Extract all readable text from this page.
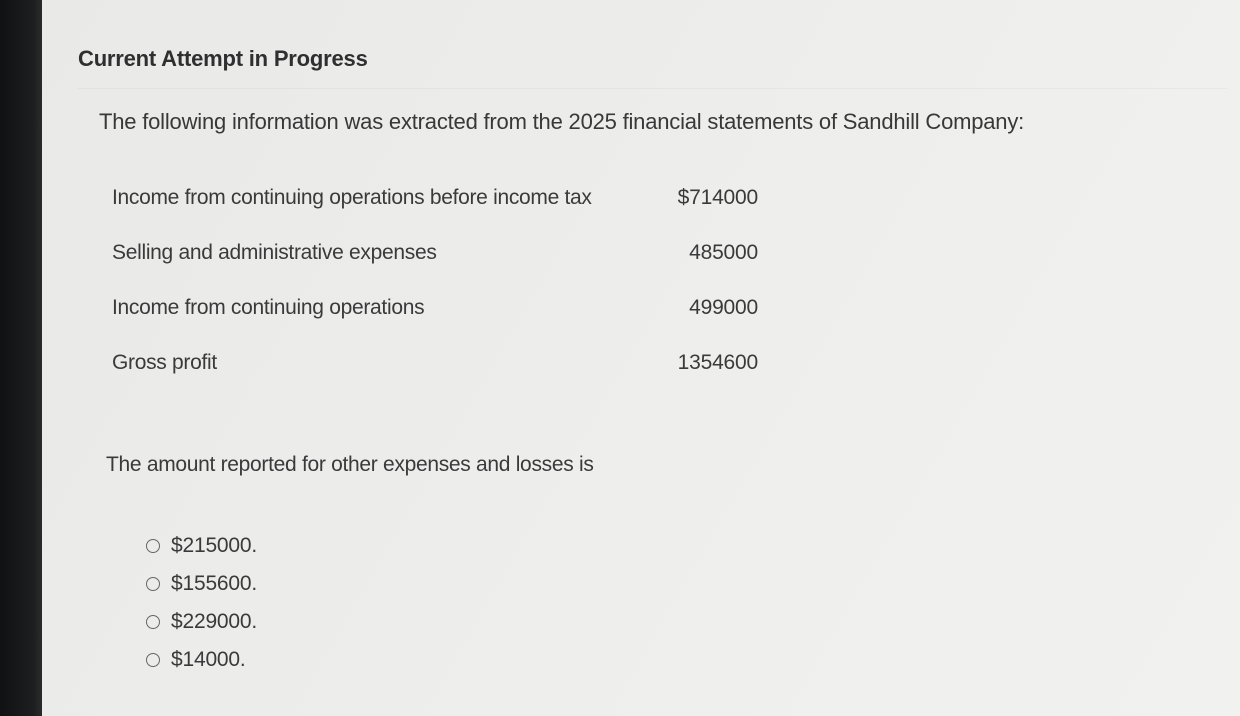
Current Attempt in Progress
The following information was extracted from the 2025 financial statements of Sandhill Company:
Income from continuing operations before income tax	$714000
Selling and administrative expenses	485000
Income from continuing operations	499000
Gross profit	1354600
The amount reported for other expenses and losses is
$215000.
$155600.
$229000.
$14000.
